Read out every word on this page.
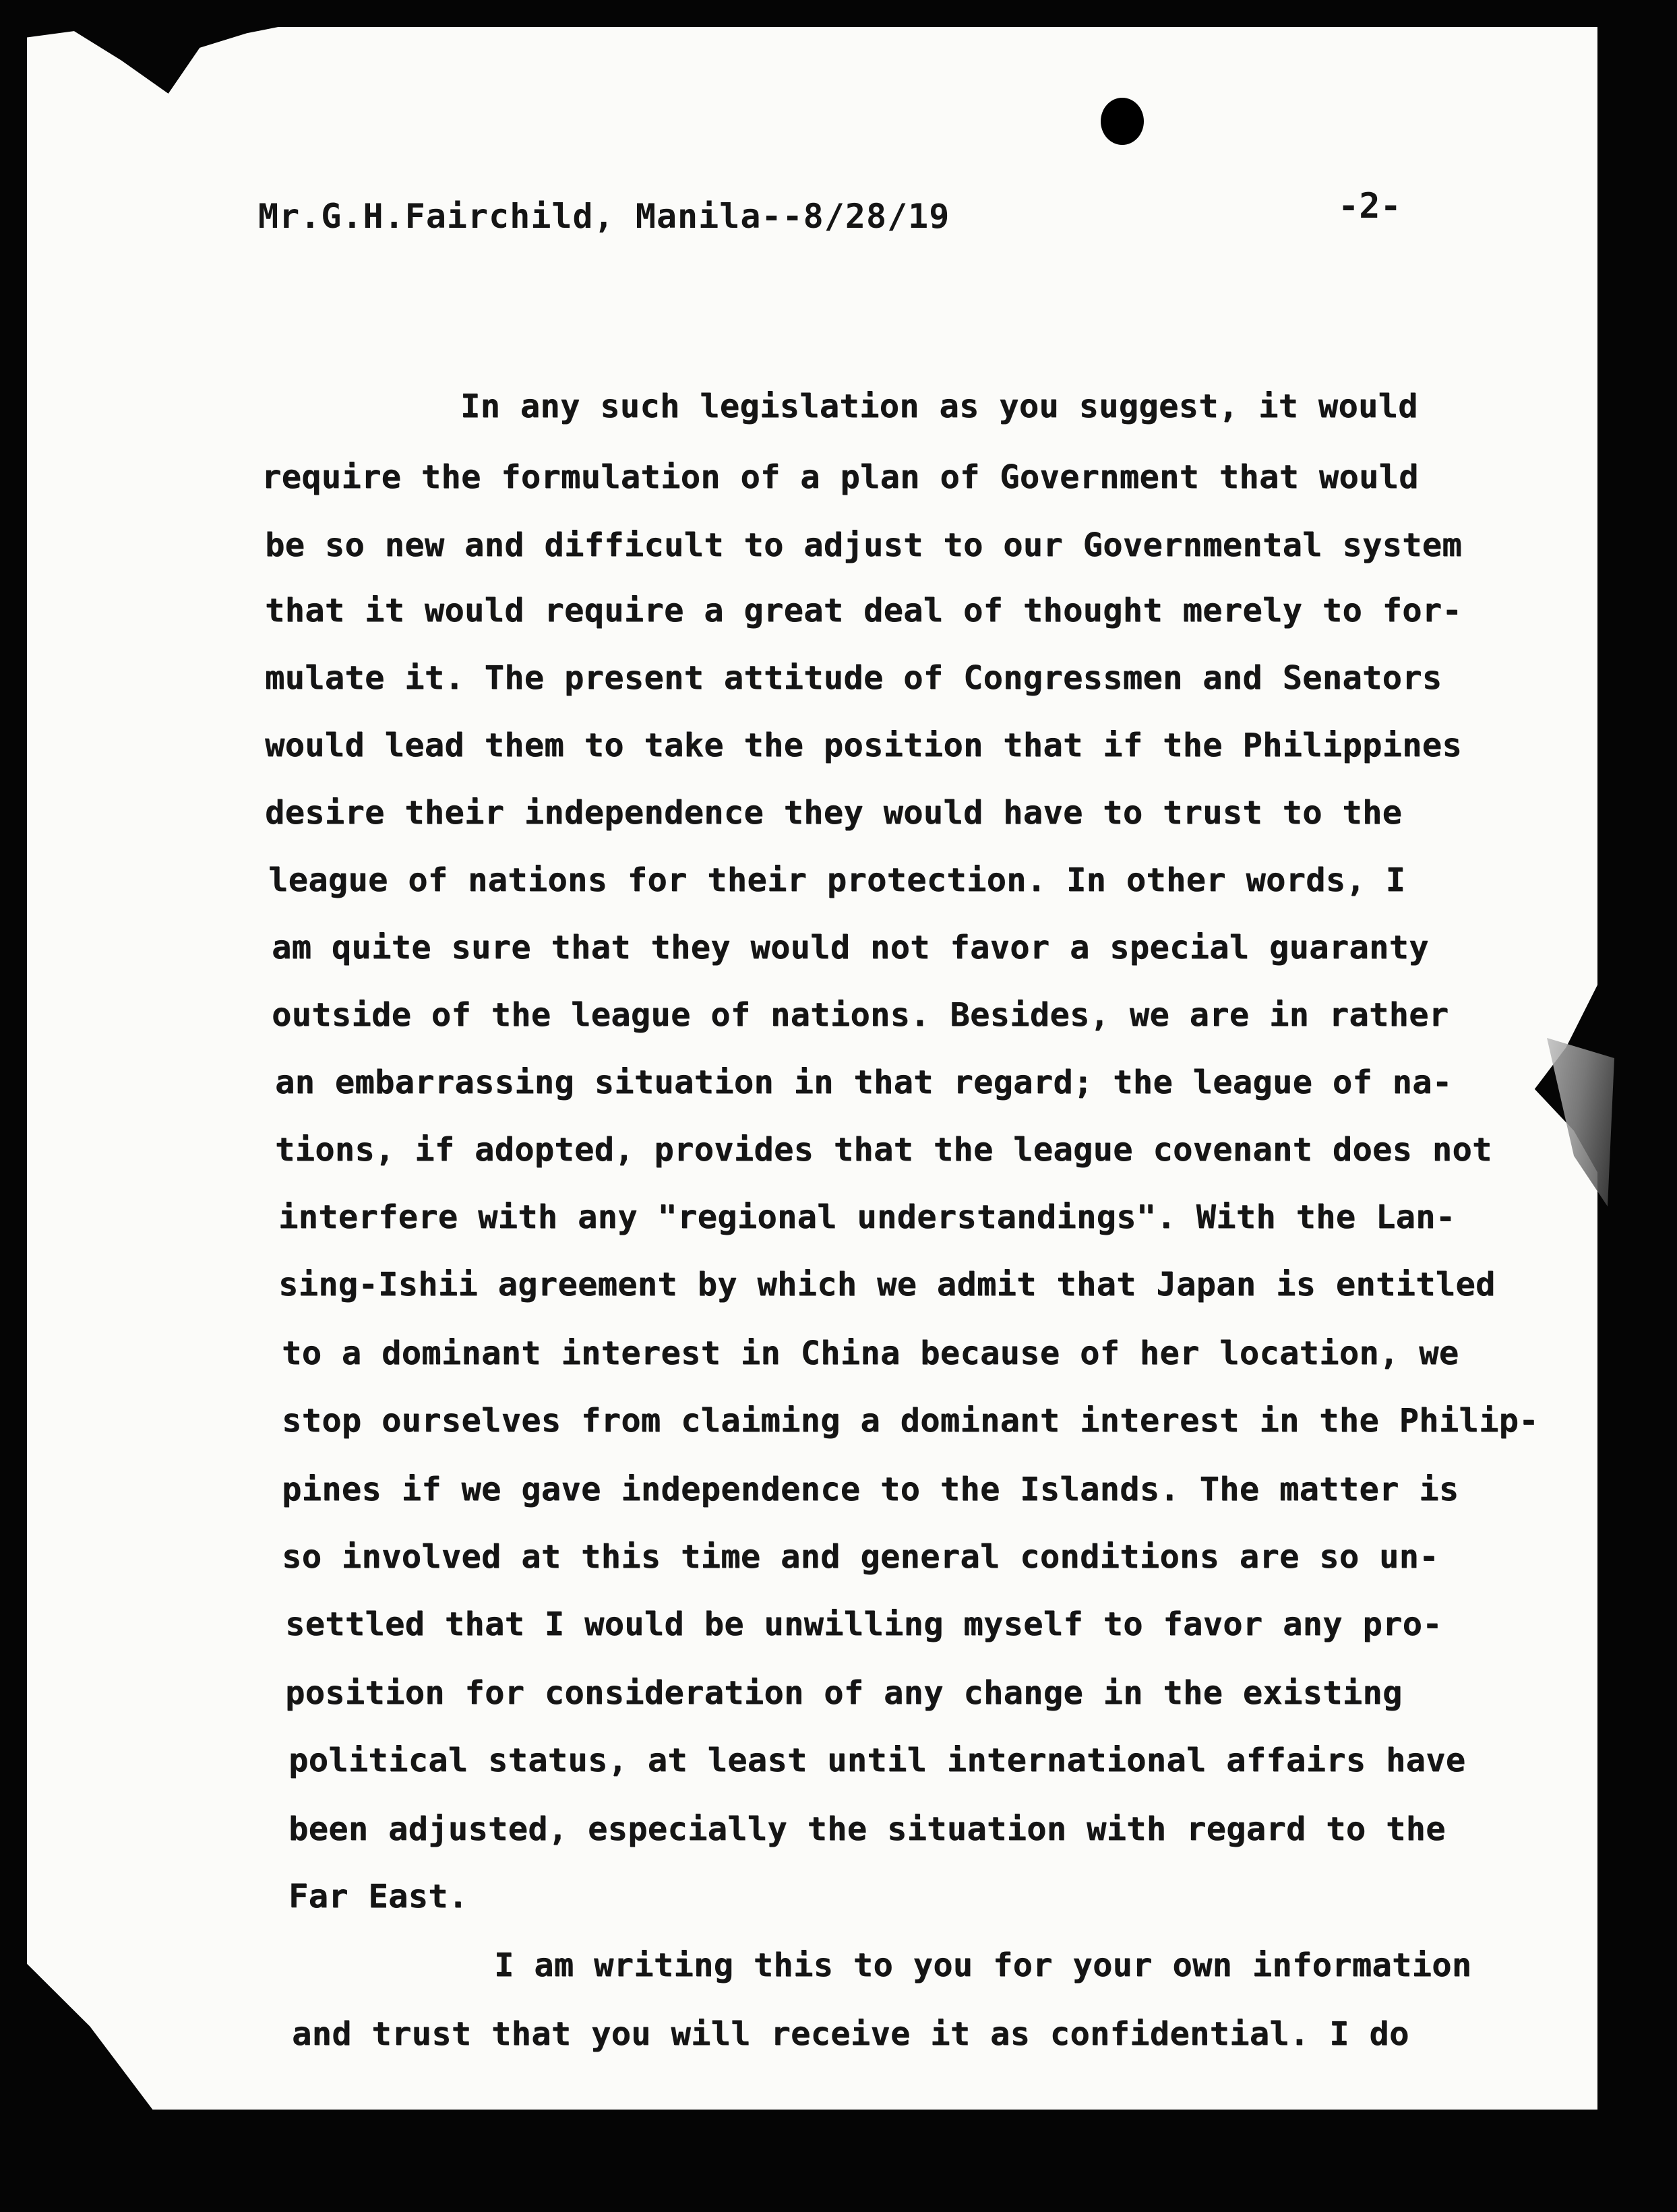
Mr.G.H.Fairchild, Manila--8/28/19	-2-
In any such legislation as you suggest, it would
require the formulation of a plan of Government that would
be so new and difficult to adjust to our Governmental system
that it would require a great deal of thought merely to for-
mulate it. The present attitude of Congressmen and Senators
would lead them to take the position that if the Philippines
desire their independence they would have to trust to the
league of nations for their protection. In other words, I
am quite sure that they would not favor a special guaranty
outside of the league of nations. Besides, we are in rather
an embarrassing situation in that regard; the league of na-
tions, if adopted, provides that the league covenant does not
interfere with any "regional understandings". With the Lan-
sing-Ishii agreement by which we admit that Japan is entitled
to a dominant interest in China because of her location, we
stop ourselves from claiming a dominant interest in the Philip-
pines if we gave independence to the Islands. The matter is
so involved at this time and general conditions are so un-
settled that I would be unwilling myself to favor any pro-
position for consideration of any change in the existing
political status, at least until international affairs have
been adjusted, especially the situation with regard to the
Far East.
I am writing this to you for your own information
and trust that you will receive it as confidential. I do
